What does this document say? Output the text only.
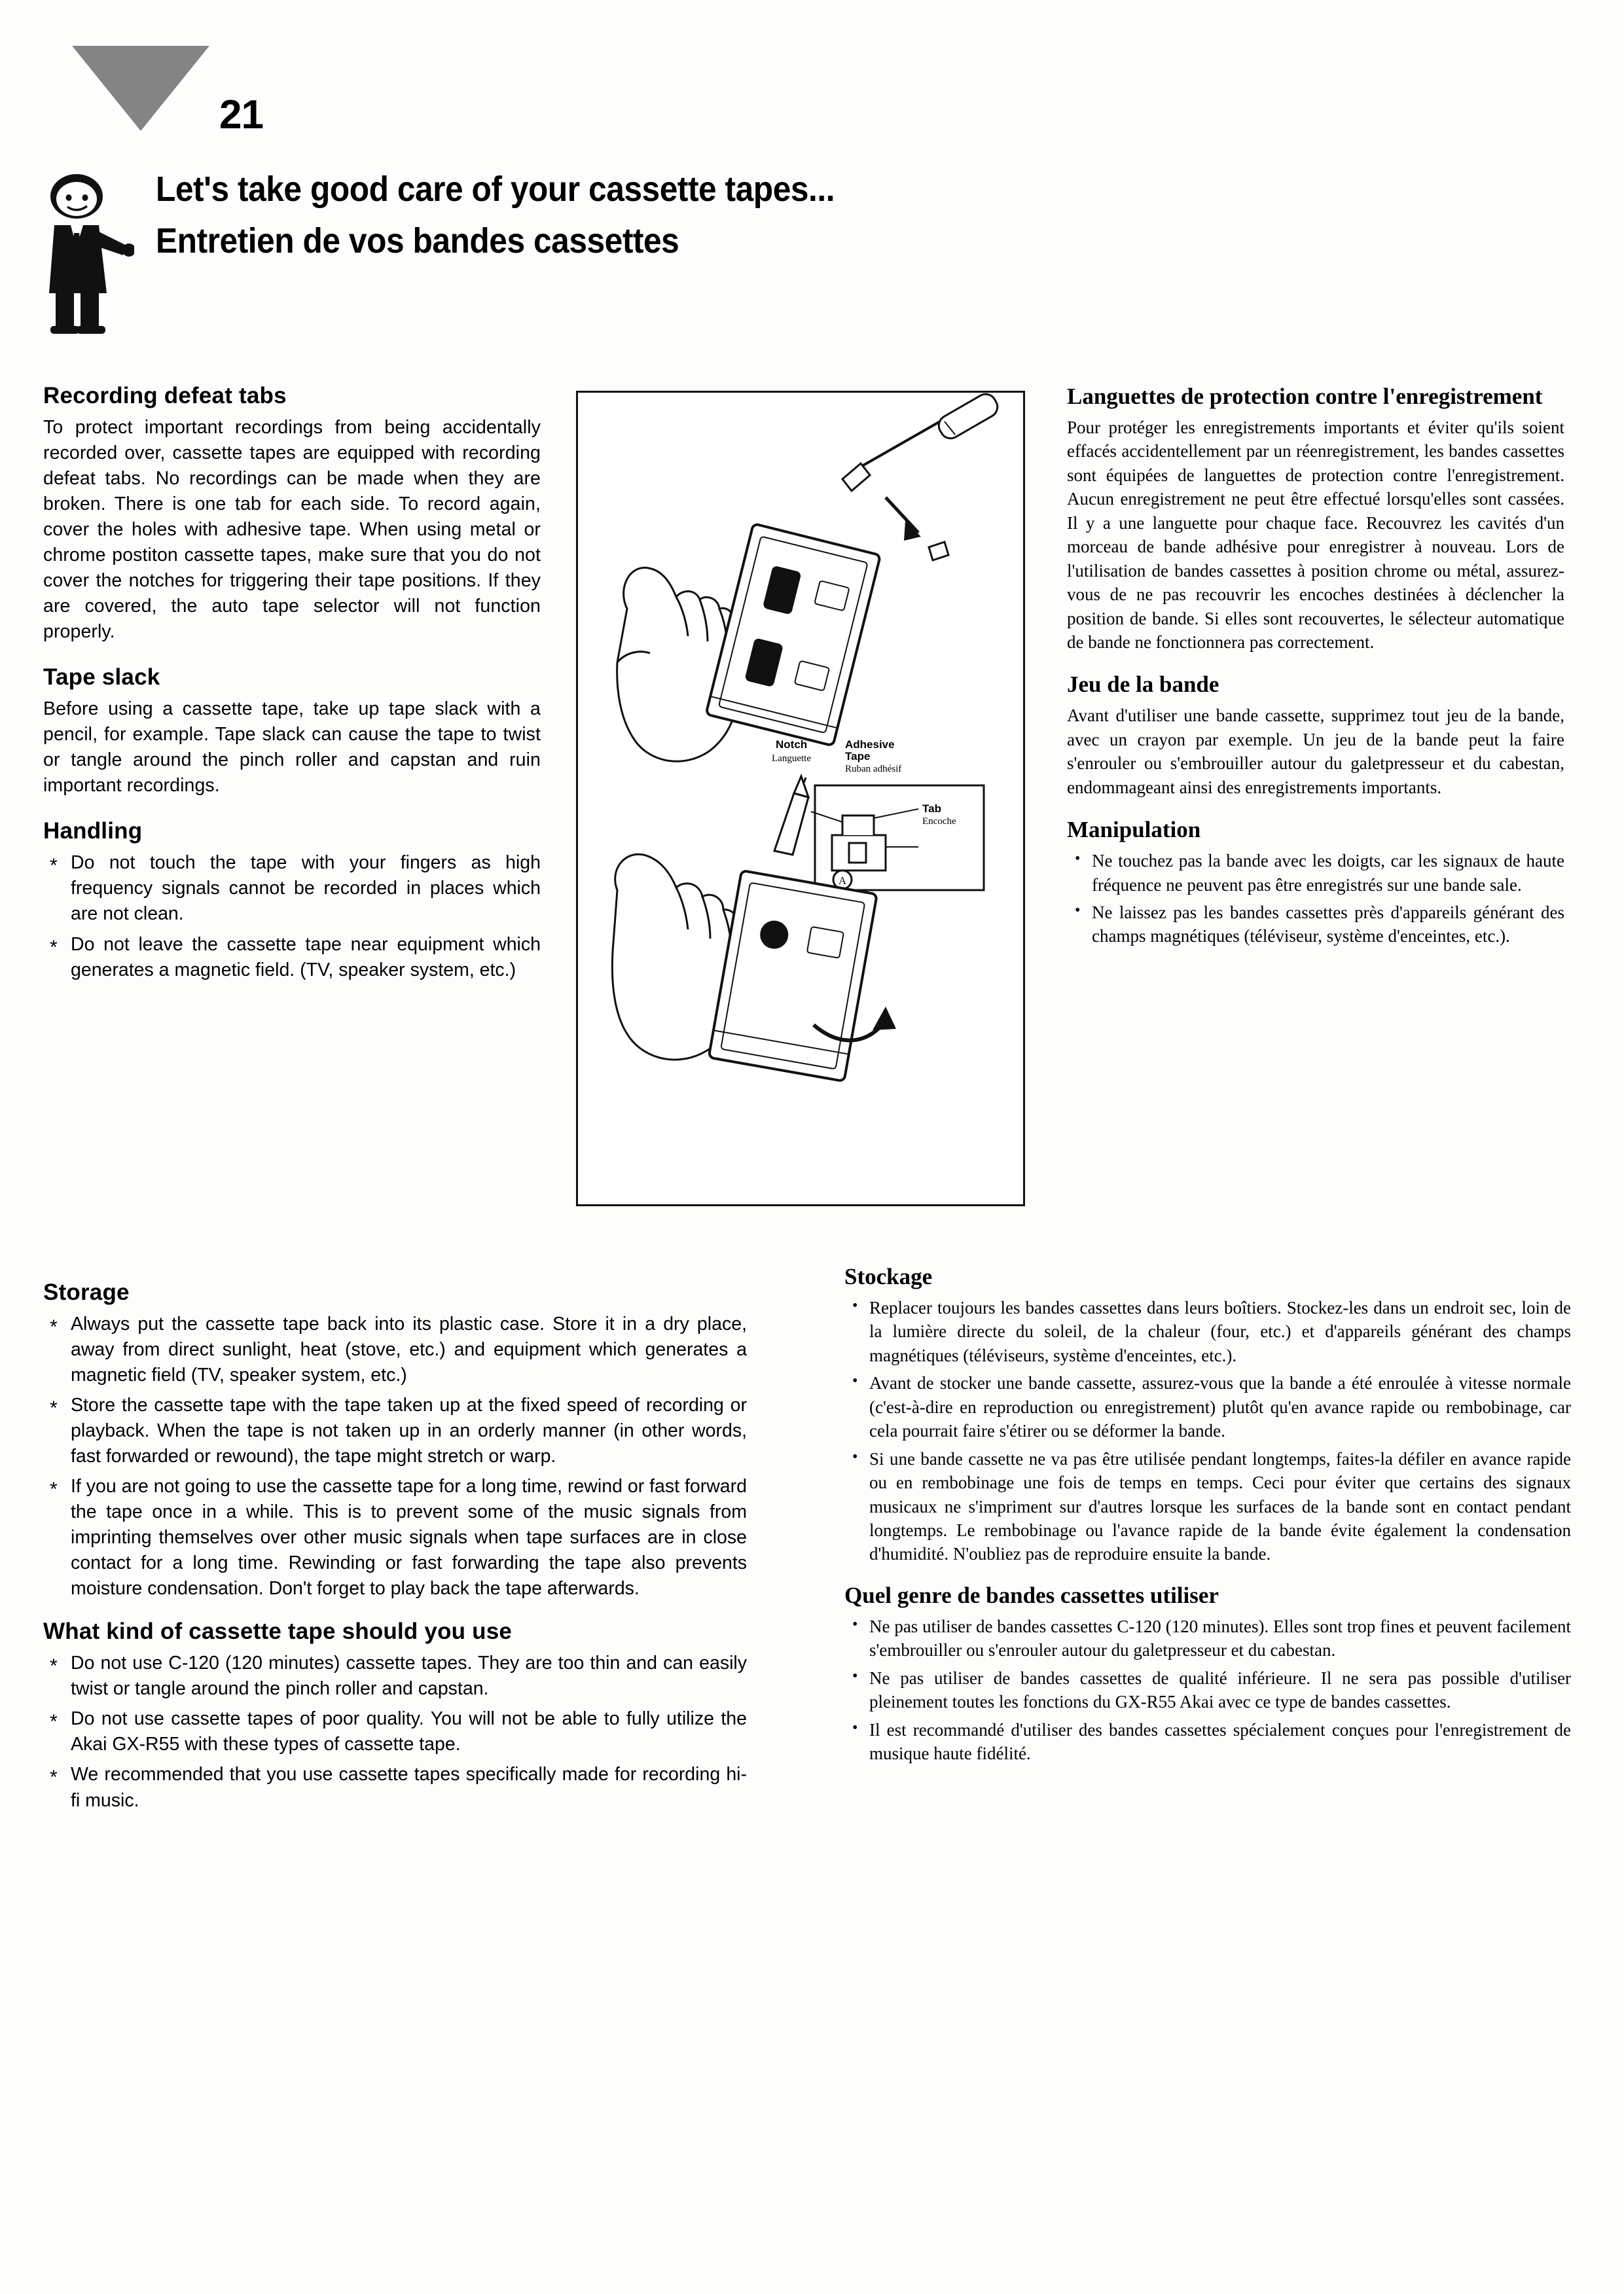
21
Let's take good care of your cassette tapes...
Entretien de vos bandes cassettes
Recording defeat tabs

To protect important recordings from being accidentally recorded over, cassette tapes are equipped with recording defeat tabs. No recordings can be made when they are broken. There is one tab for each side. To record again, cover the holes with adhesive tape. When using metal or chrome postiton cassette tapes, make sure that you do not cover the notches for triggering their tape positions. If they are covered, the auto tape selector will not function properly.

Tape slack

Before using a cassette tape, take up tape slack with a pencil, for example. Tape slack can cause the tape to twist or tangle around the pinch roller and capstan and ruin important recordings.

Handling
* Do not touch the tape with your fingers as high frequency signals cannot be recorded in places which are not clean.
* Do not leave the cassette tape near equipment which generates a magnetic field. (TV, speaker system, etc.)
A
Notch
Languette
Adhesive
Tape
Ruban adhésif
Tab
Encoche
Languettes de protection contre l'enregistrement

Pour protéger les enregistrements importants et éviter qu'ils soient effacés accidentellement par un réenregistrement, les bandes cassettes sont équipées de languettes de protection contre l'enregistrement. Aucun enregistrement ne peut être effectué lorsqu'elles sont cassées. Il y a une languette pour chaque face. Recouvrez les cavités d'un morceau de bande adhésive pour enregistrer à nouveau. Lors de l'utilisation de bandes cassettes à position chrome ou métal, assurez-vous de ne pas recouvrir les encoches destinées à déclencher la position de bande. Si elles sont recouvertes, le sélecteur automatique de bande ne fonctionnera pas correctement.

Jeu de la bande

Avant d'utiliser une bande cassette, supprimez tout jeu de la bande, avec un crayon par exemple. Un jeu de la bande peut la faire s'enrouler ou s'embrouiller autour du galetpresseur et du cabestan, endommageant ainsi des enregistrements importants.

Manipulation
• Ne touchez pas la bande avec les doigts, car les signaux de haute fréquence ne peuvent pas être enregistrés sur une bande sale.
• Ne laissez pas les bandes cassettes près d'appareils générant des champs magnétiques (téléviseur, système d'enceintes, etc.).
Storage
* Always put the cassette tape back into its plastic case. Store it in a dry place, away from direct sunlight, heat (stove, etc.) and equipment which generates a magnetic field (TV, speaker system, etc.)
* Store the cassette tape with the tape taken up at the fixed speed of recording or playback. When the tape is not taken up in an orderly manner (in other words, fast forwarded or rewound), the tape might stretch or warp.
* If you are not going to use the cassette tape for a long time, rewind or fast forward the tape once in a while. This is to prevent some of the music signals from imprinting themselves over other music signals when tape surfaces are in close contact for a long time. Rewinding or fast forwarding the tape also prevents moisture condensation. Don't forget to play back the tape afterwards.
What kind of cassette tape should you use
* Do not use C-120 (120 minutes) cassette tapes. They are too thin and can easily twist or tangle around the pinch roller and capstan.
* Do not use cassette tapes of poor quality. You will not be able to fully utilize the Akai GX-R55 with these types of cassette tape.
* We recommended that you use cassette tapes specifically made for recording hi-fi music.
Stockage
• Replacer toujours les bandes cassettes dans leurs boîtiers. Stockez-les dans un endroit sec, loin de la lumière directe du soleil, de la chaleur (four, etc.) et d'appareils générant des champs magnétiques (téléviseurs, système d'enceintes, etc.).
• Avant de stocker une bande cassette, assurez-vous que la bande a été enroulée à vitesse normale (c'est-à-dire en reproduction ou enregistrement) plutôt qu'en avance rapide ou rembobinage, car cela pourrait faire s'étirer ou se déformer la bande.
• Si une bande cassette ne va pas être utilisée pendant longtemps, faites-la défiler en avance rapide ou en rembobinage une fois de temps en temps. Ceci pour éviter que certains des signaux musicaux ne s'impriment sur d'autres lorsque les surfaces de la bande sont en contact pendant longtemps. Le rembobinage ou l'avance rapide de la bande évite également la condensation d'humidité. N'oubliez pas de reproduire ensuite la bande.
Quel genre de bandes cassettes utiliser
• Ne pas utiliser de bandes cassettes C-120 (120 minutes). Elles sont trop fines et peuvent facilement s'embrouiller ou s'enrouler autour du galetpresseur et du cabestan.
• Ne pas utiliser de bandes cassettes de qualité inférieure. Il ne sera pas possible d'utiliser pleinement toutes les fonctions du GX-R55 Akai avec ce type de bandes cassettes.
• Il est recommandé d'utiliser des bandes cassettes spécialement conçues pour l'enregistrement de musique haute fidélité.
